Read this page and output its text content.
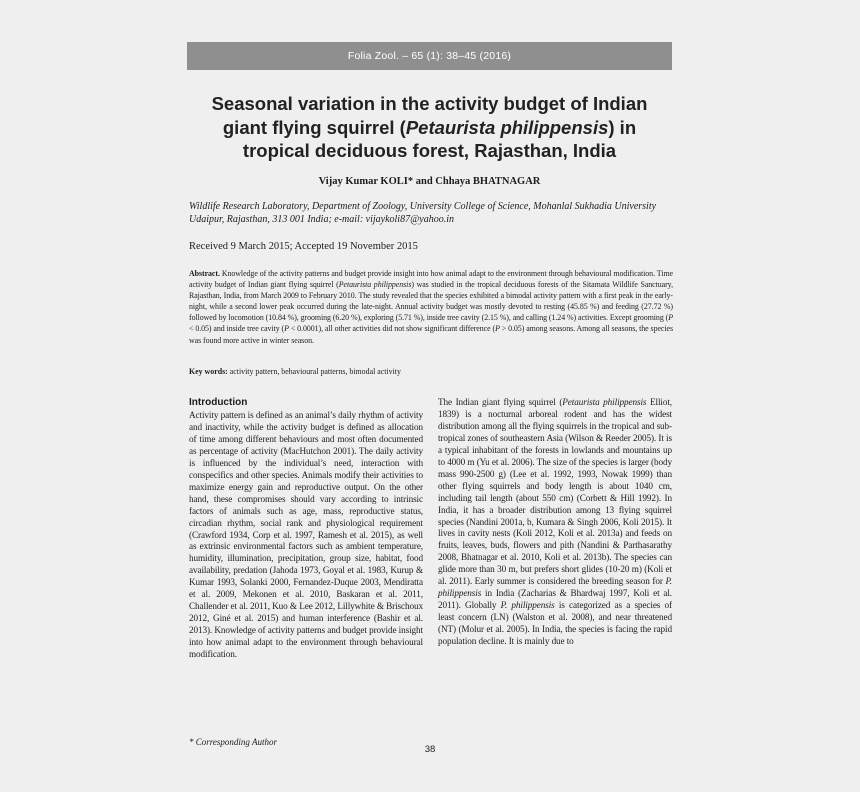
Folia Zool. – 65 (1): 38–45 (2016)
Seasonal variation in the activity budget of Indian giant flying squirrel (Petaurista philippensis) in tropical deciduous forest, Rajasthan, India
Vijay Kumar KOLI* and Chhaya BHATNAGAR
Wildlife Research Laboratory, Department of Zoology, University College of Science, Mohanlal Sukhadia University Udaipur, Rajasthan, 313 001 India; e-mail: vijaykoli87@yahoo.in
Received 9 March 2015; Accepted 19 November 2015
Abstract. Knowledge of the activity patterns and budget provide insight into how animal adapt to the environment through behavioural modification. Time activity budget of Indian giant flying squirrel (Petaurista philippensis) was studied in the tropical deciduous forests of the Sitamata Wildlife Sanctuary, Rajasthan, India, from March 2009 to February 2010. The study revealed that the species exhibited a bimodal activity pattern with a first peak in the early-night, while a second lower peak occurred during the late-night. Annual activity budget was mostly devoted to resting (45.85 %) and feeding (27.72 %) followed by locomotion (10.84 %), grooming (6.20 %), exploring (5.71 %), inside tree cavity (2.15 %), and calling (1.24 %) activities. Except grooming (P < 0.05) and inside tree cavity (P < 0.0001), all other activities did not show significant difference (P > 0.05) among seasons. Among all seasons, the species was found more active in winter season.
Key words: activity pattern, behavioural patterns, bimodal activity
Introduction
Activity pattern is defined as an animal’s daily rhythm of activity and inactivity, while the activity budget is defined as allocation of time among different behaviours and most often documented as percentage of activity (MacHutchon 2001). The daily activity is influenced by the individual’s need, interaction with conspecifics and other species. Animals modify their activities to maximize energy gain and reproductive output. On the other hand, these compromises should vary according to intrinsic factors of animals such as age, mass, reproductive status, circadian rhythm, social rank and physiological requirement (Crawford 1934, Corp et al. 1997, Ramesh et al. 2015), as well as extrinsic environmental factors such as ambient temperature, humidity, illumination, precipitation, group size, habitat, food availability, predation (Jahoda 1973, Goyal et al. 1983, Kurup & Kumar 1993, Solanki 2000, Fernandez-Duque 2003, Mendiratta et al. 2009, Mekonen et al. 2010, Baskaran et al. 2011, Challender et al. 2011, Kuo & Lee 2012, Lillywhite & Brischoux 2012, Giné et al. 2015) and human interference (Bashir et al. 2013). Knowledge of activity patterns and budget provide insight into how animal adapt to the environment through behavioural modification.
The Indian giant flying squirrel (Petaurista philippensis Elliot, 1839) is a nocturnal arboreal rodent and has the widest distribution among all the flying squirrels in the tropical and sub-tropical zones of southeastern Asia (Wilson & Reeder 2005). It is a typical inhabitant of the forests in lowlands and mountains up to 4000 m (Yu et al. 2006). The size of the species is larger (body mass 990-2500 g) (Lee et al. 1992, 1993, Nowak 1999) than other flying squirrels and body length is about 1040 cm, including tail length (about 550 cm) (Corbett & Hill 1992). In India, it has a broader distribution among 13 flying squirrel species (Nandini 2001a, b, Kumara & Singh 2006, Koli 2015). It lives in cavity nests (Koli 2012, Koli et al. 2013a) and feeds on fruits, leaves, buds, flowers and pith (Nandini & Parthasarathy 2008, Bhatnagar et al. 2010, Koli et al. 2013b). The species can glide more than 30 m, but prefers short glides (10-20 m) (Koli et al. 2011). Early summer is considered the breeding season for P. philippensis in India (Zacharias & Bhardwaj 1997, Koli et al. 2011). Globally P. philippensis is categorized as a species of least concern (LN) (Walston et al. 2008), and near threatened (NT) (Molur et al. 2005). In India, the species is facing the rapid population decline. It is mainly due to
* Corresponding Author
38
